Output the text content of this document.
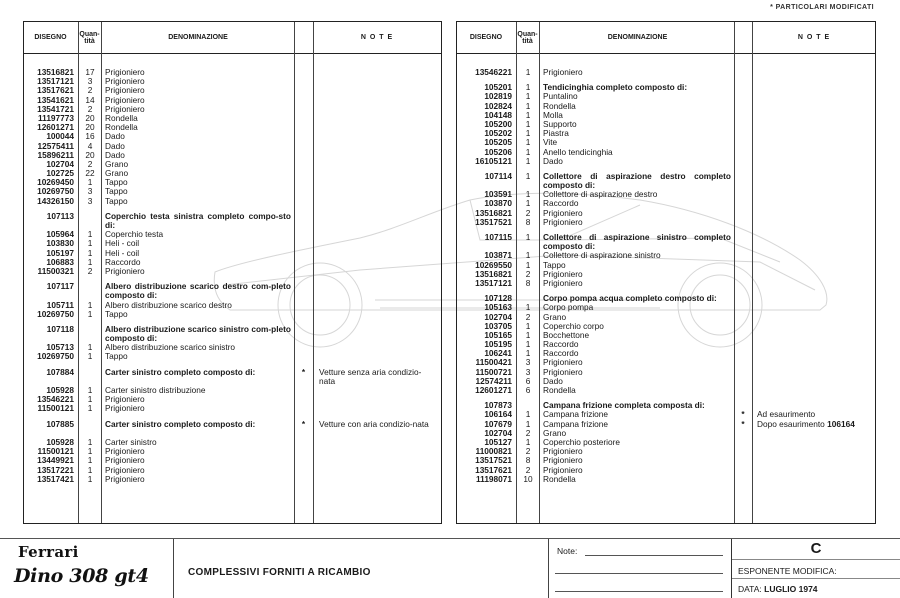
* PARTICOLARI MODIFICATI
DISEGNO	Quan-
tità	DENOMINAZIONE	N O T E
13516821	17	Prigioniero
13517121	3	Prigioniero
13517621	2	Prigioniero
13541621	14	Prigioniero
13541721	2	Prigioniero
11197773	20	Rondella
12601271	20	Rondella
100044	16	Dado
12575411	4	Dado
15896211	20	Dado
102704	2	Grano
102725	22	Grano
10269450	1	Tappo
10269750	3	Tappo
14326150	3	Tappo
107113	Coperchio testa sinistra completo compo-sto di:
105964	1	Coperchio testa
103830	1	Heli - coil
105197	1	Heli - coil
106883	1	Raccordo
11500321	2	Prigioniero
107117	Albero distribuzione scarico destro com-pleto composto di:
105711	1	Albero distribuzione scarico destro
10269750	1	Tappo
107118	Albero distribuzione scarico sinistro com-pleto composto di:
105713	1	Albero distribuzione scarico sinistro
10269750	1	Tappo
107884	Carter sinistro completo composto di:	*	Vetture senza aria condizio-nata
105928	1	Carter sinistro distribuzione
13546221	1	Prigioniero
11500121	1	Prigioniero
107885	Carter sinistro completo composto di:	*	Vetture con aria condizio-nata
105928	1	Carter sinistro
11500121	1	Prigioniero
13449921	1	Prigioniero
13517221	1	Prigioniero
13517421	1	Prigioniero
DISEGNO	Quan-
tità	DENOMINAZIONE	N O T E
13546221	1	Prigioniero
105201	1	Tendicinghia completo composto di:
102819	1	Puntalino
102824	1	Rondella
104148	1	Molla
105200	1	Supporto
105202	1	Piastra
105205	1	Vite
105206	1	Anello tendicinghia
16105121	1	Dado
107114	1	Collettore di aspirazione destro completo composto di:
103591	1	Collettore di aspirazione destro
103870	1	Raccordo
13516821	2	Prigioniero
13517521	8	Prigioniero
107115	1	Collettore di aspirazione sinistro completo composto di:
103871	1	Collettore di aspirazione sinistro
10269550	1	Tappo
13516821	2	Prigioniero
13517121	8	Prigioniero
107128	Corpo pompa acqua completo composto di:
105163	1	Corpo pompa
102704	2	Grano
103705	1	Coperchio corpo
105165	1	Bocchettone
105195	1	Raccordo
106241	1	Raccordo
11500421	3	Prigioniero
11500721	3	Prigioniero
12574211	6	Dado
12601271	6	Rondella
107873	Campana frizione completa composta di:
106164	1	Campana frizione	*	Ad esaurimento
107679	1	Campana frizione	*	Dopo esaurimento 106164
102704	2	Grano
105127	1	Coperchio posteriore
11000821	2	Prigioniero
13517521	8	Prigioniero
13517621	2	Prigioniero
11198071	10	Rondella
Ferrari
Dino 308 gt4	COMPLESSIVI FORNITI A RICAMBIO
Note:	C
ESPONENTE MODIFICA:
DATA: LUGLIO 1974
